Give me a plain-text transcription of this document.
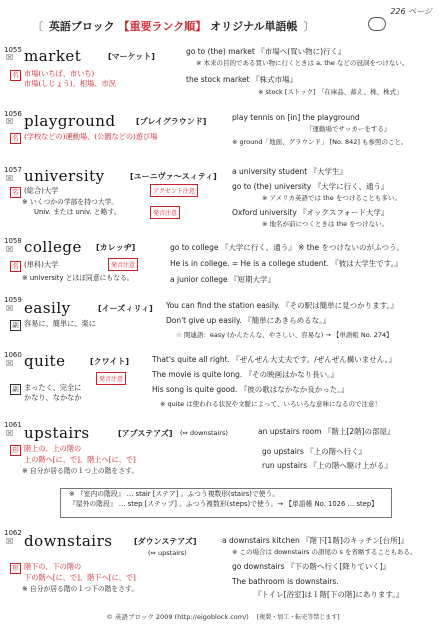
226 ページ
〔 英語ブロック 【重要ランク順】 オリジナル単語帳 〕
1055
☒ market	[マーケット]
名 市場(いちば、市いち)
市場(しじょう)、相場、市況
go to (the) market 『市場へ(買い物に)行く』
※ 本来の目的である買い物に行くときは a, the などの冠詞をつけない。
the stock market 『株式市場』
※ stock [ストック] 「在庫品、蓄え、株、株式」
1056
☒ playground	[プレイグラウンド]
名 (学校などの)運動場、(公園などの)遊び場
play tennis on [in] the playground
『運動場でサッカーをする』
※ ground「地面、グラウンド」 [No. 842] も参照のこと。
1057
☒ university	[ユーニヴァ～スィティ]
名 (総合)大学	アクセント注意
発音注意
※ いくつかの学部を持つ大学。
Univ. または univ. と略す。
a university student 『大学生』
go to (the) university 『大学に行く、通う』
※ アメリカ英語では the をつけることも多い。
Oxford university 『オックスフォード大学』
※ 地名が前につくときは the をつけない。
1058
☒ college [カレッヂ]
名 (単科)大学	発音注意
※ university とほぼ同意にもなる。
go to college 『大学に行く、通う』 ※ the をつけないのがふつう。
He is in college. = He is a college student. 『彼は大学生です。』
a junior college 『短期大学』
1059
☒ easily	[イーズィリィ]
副 容易に、簡単に、楽に
You can find the station easily. 『その駅は簡単に見つかります。』
Don't give up easily. 『簡単にあきらめるな。』
☆ 関連語：easy (かんたんな、やさしい、容易な) → 【単語帳 No. 274】
1060
☒ quite	[クワイト]
発音注意
副 まったく、完全に
かなり、なかなか
That's quite all right. 『ぜんぜん大丈夫です。/ぜんぜん構いません。』
The movie is quite long. 『その映画はかなり長い。』
His song is quite good. 『彼の歌はなかなか良かった。』
※ quite は使われる状況や文脈によって、いろいろな意味になるので注意！
1061
☒ upstairs	[アプステアズ] (⇔ downstairs)
形 階上の、上の階の
上の階へ[に、で]、階上へ[に、で]
※ 自分が居る階の１つ上の階をさす。
an upstairs room 『階上[2階]の部屋』
go upstairs 『上の階へ行く』
run upstairs 『上の階へ駆け上がる』
※ 『室内の階段』 … stair [ステア] 。ふつう複数形(stairs)で使う。
『屋外の階段』 … step [ステップ] 。ふつう複数形(steps)で使う。→ 【単語帳 No. 1026 … step】
1062
☒ downstairs	[ダウンステアズ]
(⇔ upstairs)
形 階下の、下の階の
下の階へ[に、で]、階下へ[に、で]
※ 自分が居る階の１つ下の階をさす。
a downstairs kitchen 『階下[1階]のキッチン[台所]』
※ この場合は downstairs の語尾の s を省略することもある。
go downstairs 『下の階へ行く[降りていく]』
The bathroom is downstairs.
『トイレ[浴室]は１階[下の階]にあります。』
© 英語ブロック 2009 (http://eigoblock.com/) [複製・加工・転売等禁じます]
